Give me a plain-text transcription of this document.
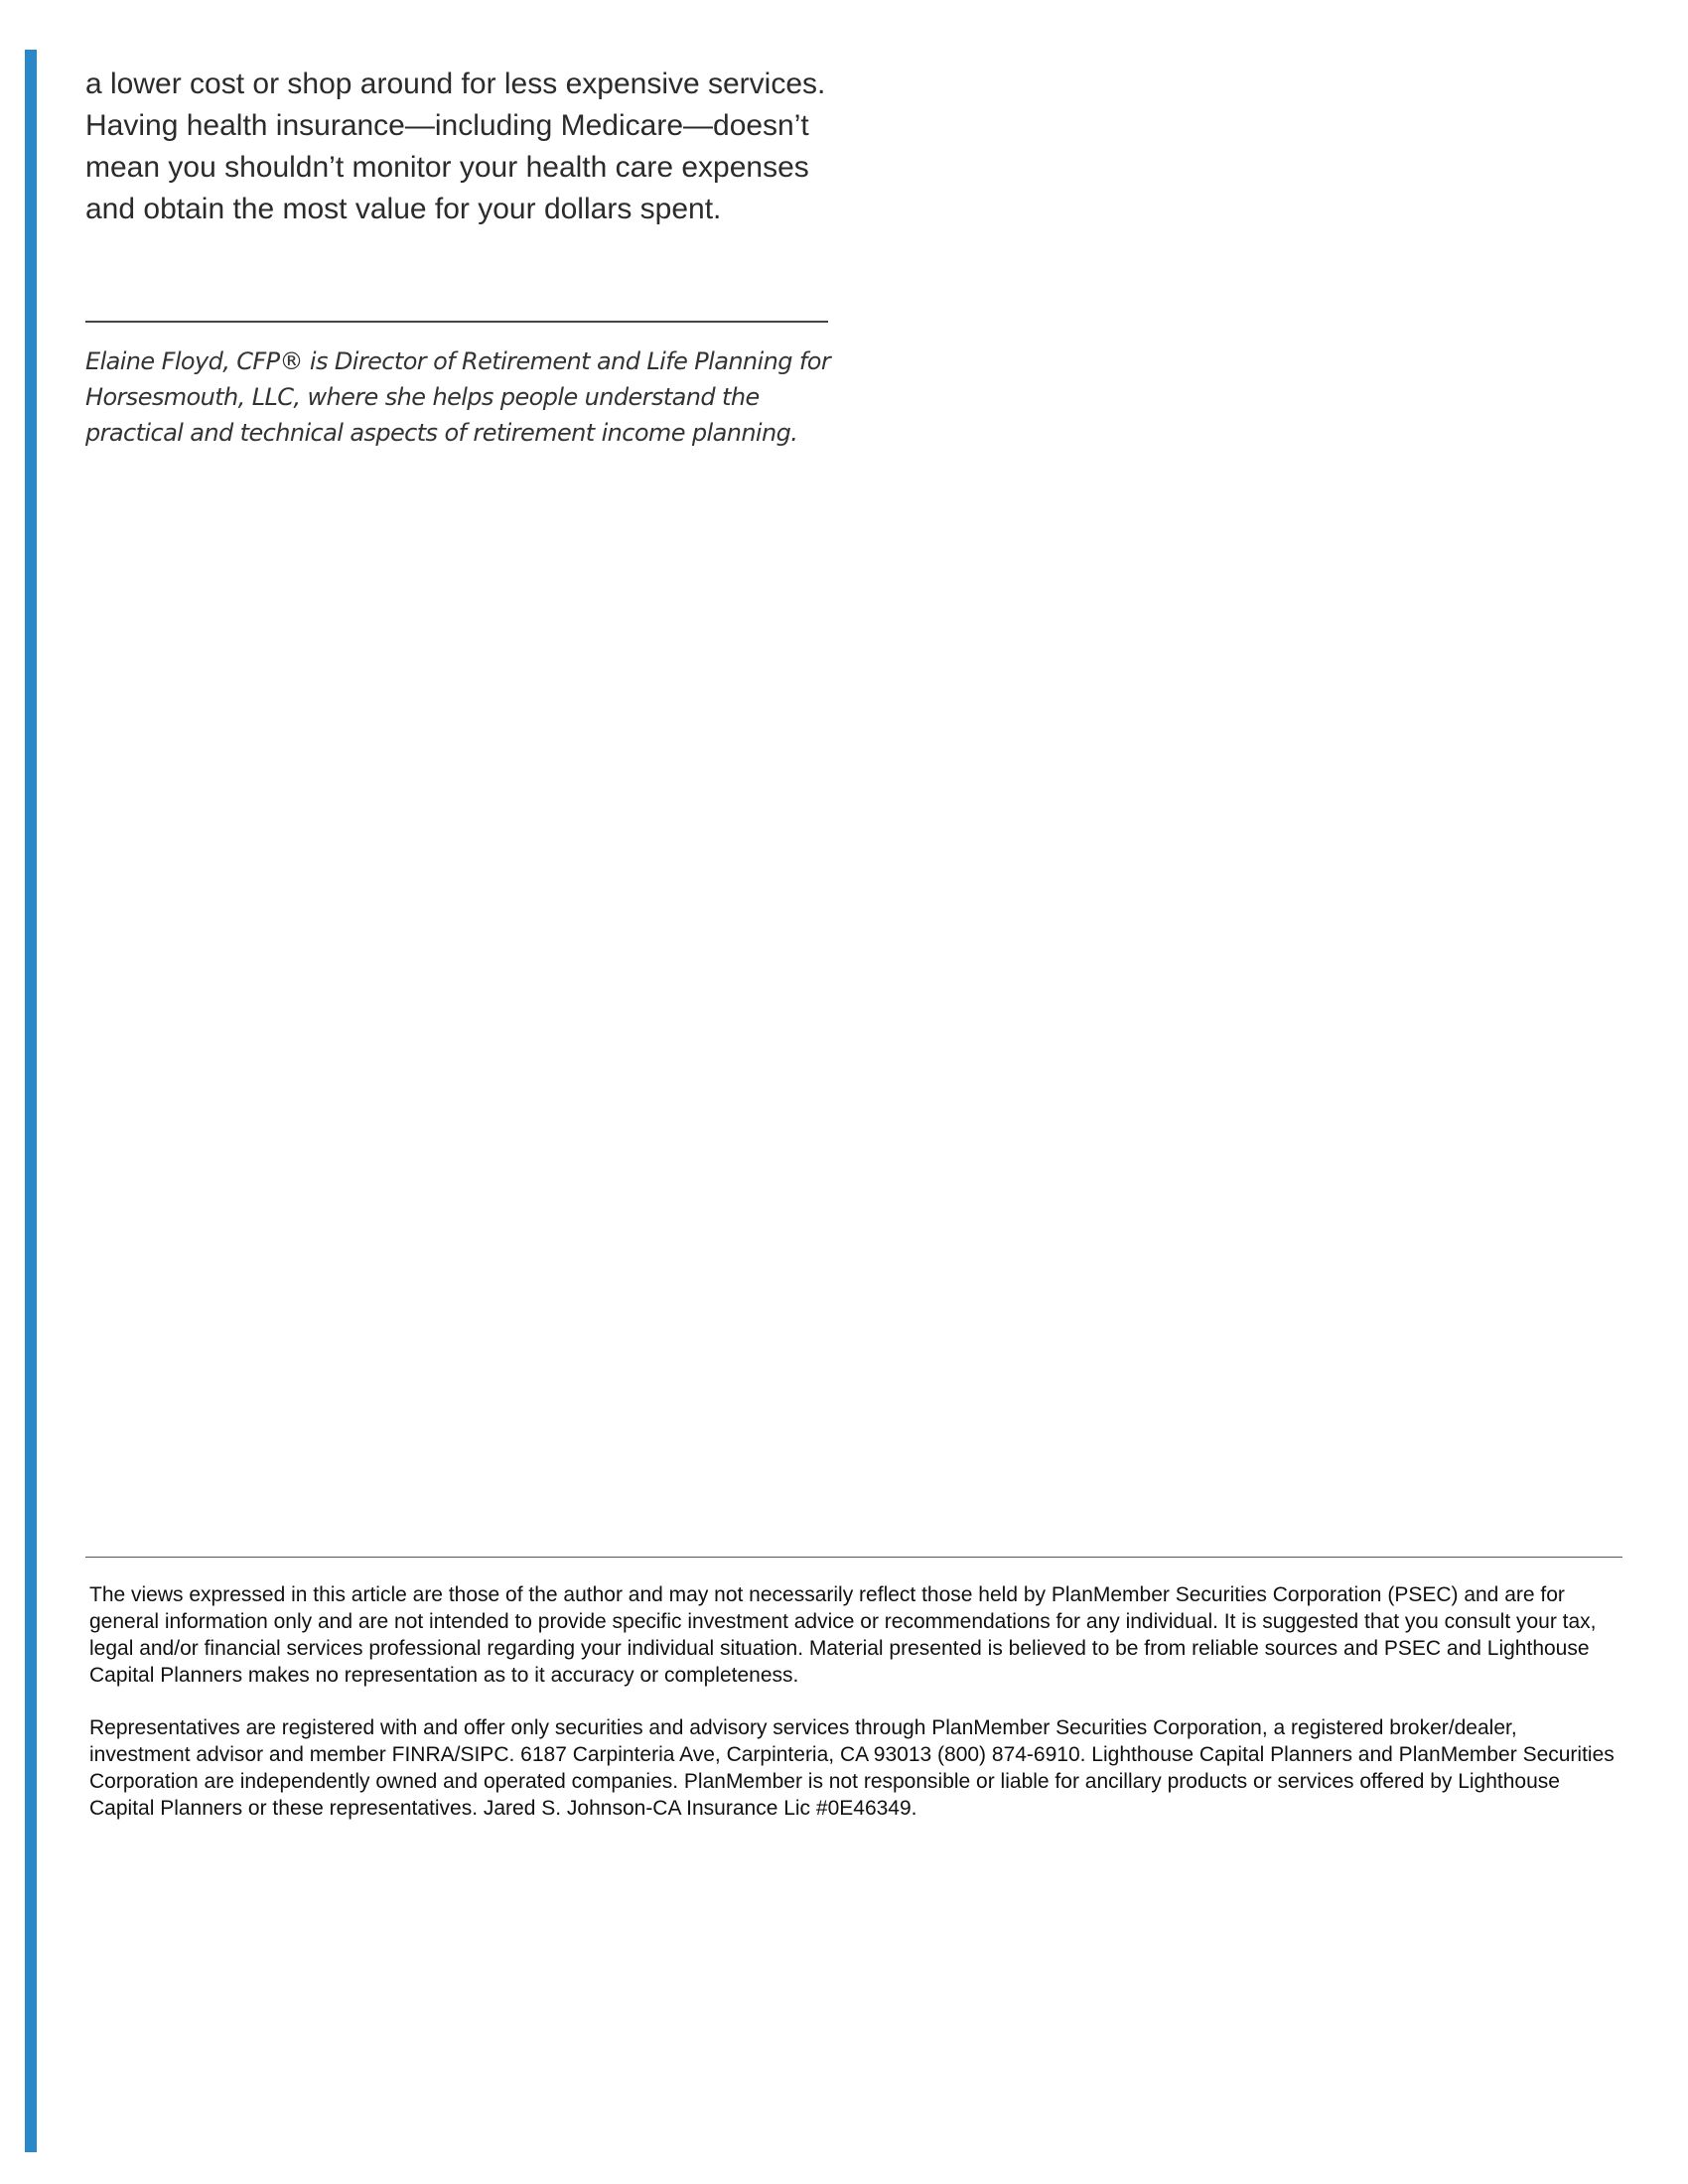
a lower cost or shop around for less expensive services. Having health insurance—including Medicare—doesn’t mean you shouldn’t monitor your health care expenses and obtain the most value for your dollars spent.

Elaine Floyd, CFP® is Director of Retirement and Life Planning for Horsesmouth, LLC, where she helps people understand the practical and technical aspects of retirement income planning.

The views expressed in this article are those of the author and may not necessarily reflect those held by PlanMember Securities Corporation (PSEC) and are for general information only and are not intended to provide specific investment advice or recommendations for any individual. It is suggested that you consult your tax, legal and/or financial services professional regarding your individual situation. Material presented is believed to be from reliable sources and PSEC and Lighthouse Capital Planners makes no representation as to it accuracy or completeness.

Representatives are registered with and offer only securities and advisory services through PlanMember Securities Corporation, a registered broker/dealer, investment advisor and member FINRA/SIPC. 6187 Carpinteria Ave, Carpinteria, CA 93013 (800) 874-6910. Lighthouse Capital Planners and PlanMember Securities Corporation are independently owned and operated companies. PlanMember is not responsible or liable for ancillary products or services offered by Lighthouse Capital Planners or these representatives. Jared S. Johnson-CA Insurance Lic #0E46349.
